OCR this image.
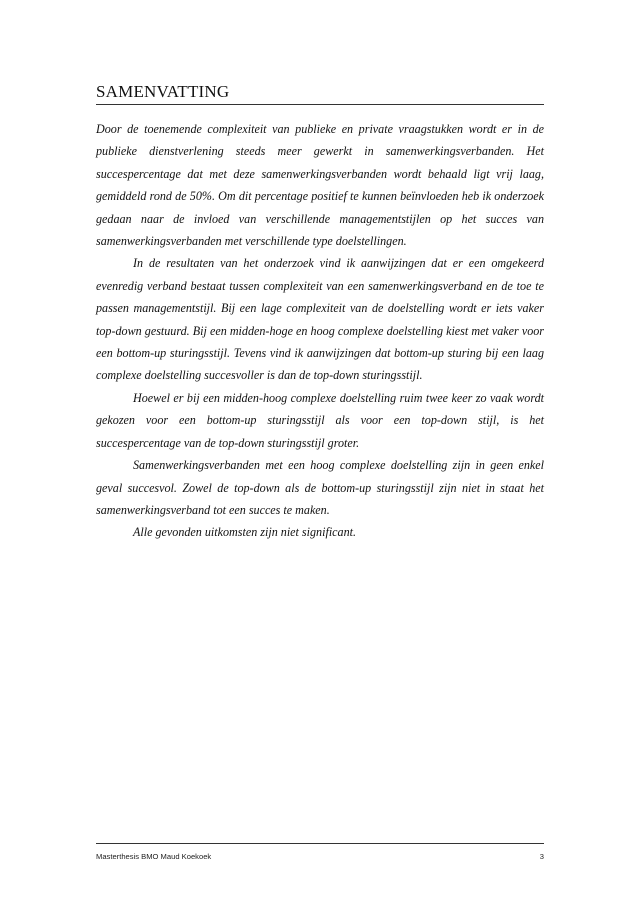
SAMENVATTING

Door de toenemende complexiteit van publieke en private vraagstukken wordt er in de publieke dienstverlening steeds meer gewerkt in samenwerkingsverbanden. Het succespercentage dat met deze samenwerkingsverbanden wordt behaald ligt vrij laag, gemiddeld rond de 50%. Om dit percentage positief te kunnen beïnvloeden heb ik onderzoek gedaan naar de invloed van verschillende managementstijlen op het succes van samenwerkingsverbanden met verschillende type doelstellingen.

In de resultaten van het onderzoek vind ik aanwijzingen dat er een omgekeerd evenredig verband bestaat tussen complexiteit van een samenwerkingsverband en de toe te passen managementstijl. Bij een lage complexiteit van de doelstelling wordt er iets vaker top-down gestuurd. Bij een midden-hoge en hoog complexe doelstelling kiest met vaker voor een bottom-up sturingsstijl. Tevens vind ik aanwijzingen dat bottom-up sturing bij een laag complexe doelstelling succesvoller is dan de top-down sturingsstijl.

Hoewel er bij een midden-hoog complexe doelstelling ruim twee keer zo vaak wordt gekozen voor een bottom-up sturingsstijl als voor een top-down stijl, is het succespercentage van de top-down sturingsstijl groter.

Samenwerkingsverbanden met een hoog complexe doelstelling zijn in geen enkel geval succesvol. Zowel de top-down als de bottom-up sturingsstijl zijn niet in staat het samenwerkingsverband tot een succes te maken.

Alle gevonden uitkomsten zijn niet significant.

Masterthesis BMO Maud Koekoek	3
